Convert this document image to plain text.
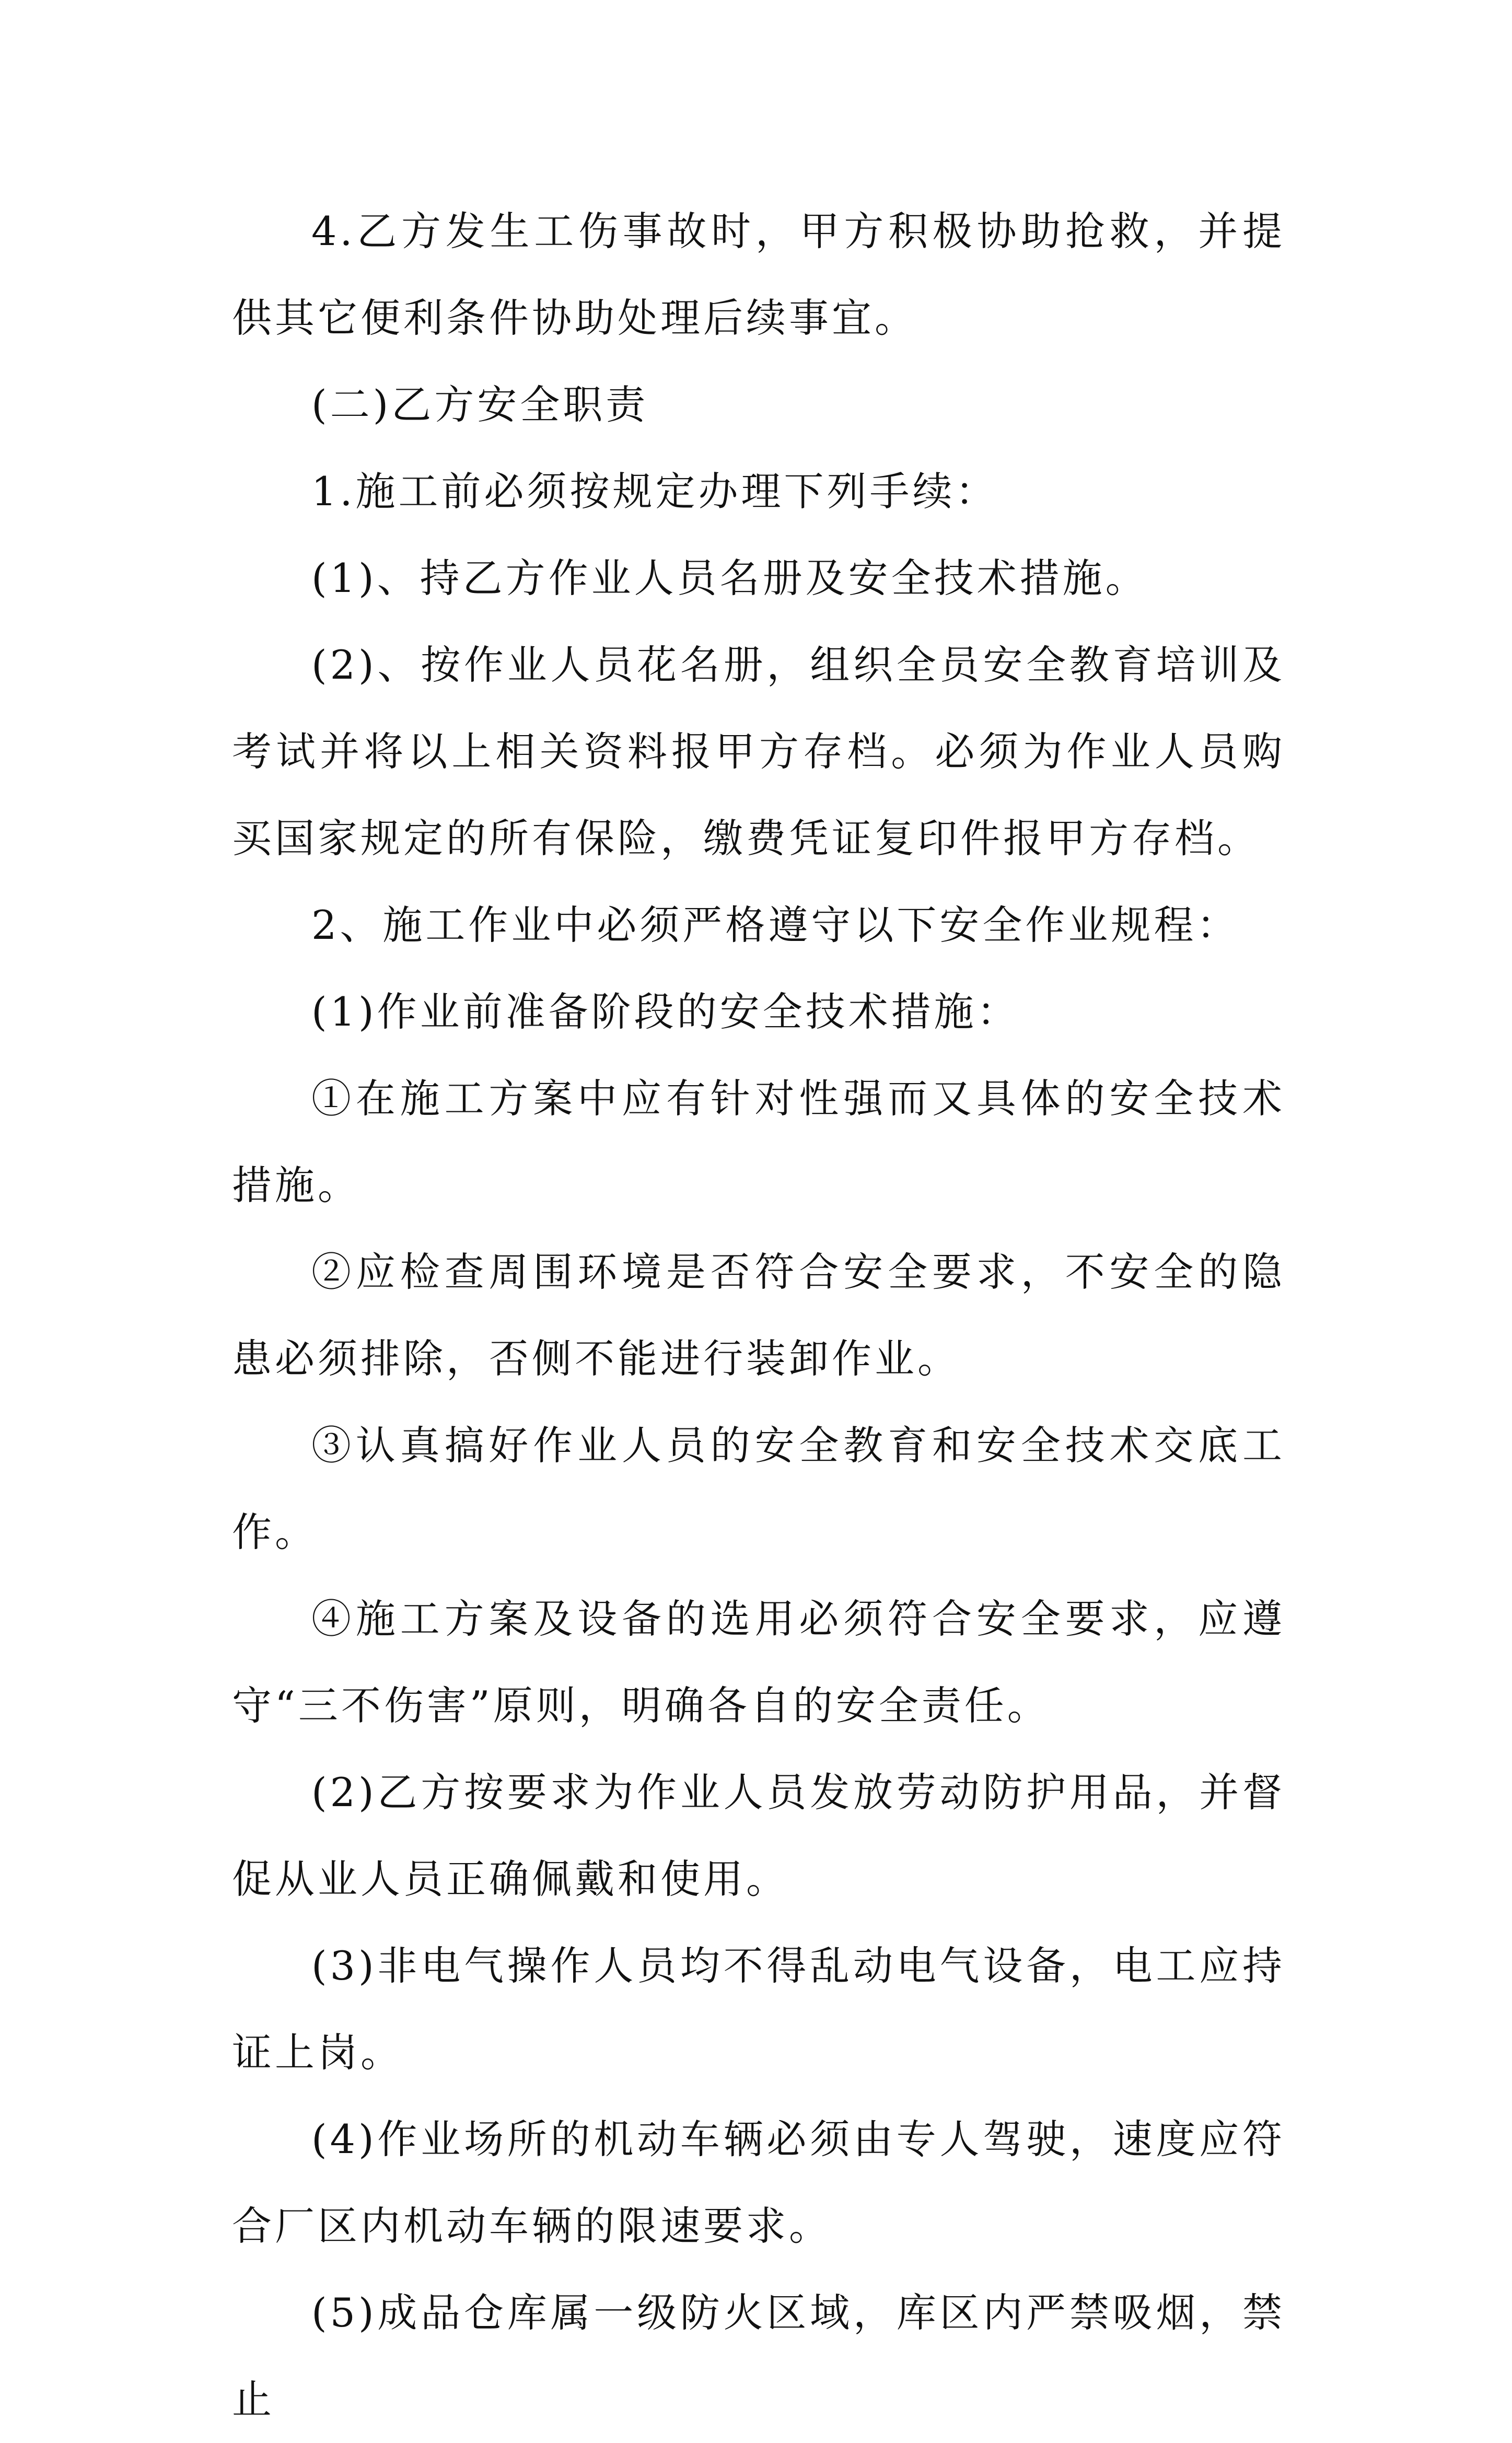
4.乙方发生工伤事故时，甲方积极协助抢救，并提供其它便利条件协助处理后续事宜。

(二)乙方安全职责

1.施工前必须按规定办理下列手续：

(1)、持乙方作业人员名册及安全技术措施。

(2)、按作业人员花名册，组织全员安全教育培训及考试并将以上相关资料报甲方存档。必须为作业人员购买国家规定的所有保险，缴费凭证复印件报甲方存档。

2、施工作业中必须严格遵守以下安全作业规程：

(1)作业前准备阶段的安全技术措施：

①在施工方案中应有针对性强而又具体的安全技术措施。

②应检查周围环境是否符合安全要求，不安全的隐患必须排除，否侧不能进行装卸作业。

③认真搞好作业人员的安全教育和安全技术交底工作。

④施工方案及设备的选用必须符合安全要求，应遵守“三不伤害”原则，明确各自的安全责任。

(2)乙方按要求为作业人员发放劳动防护用品，并督促从业人员正确佩戴和使用。

(3)非电气操作人员均不得乱动电气设备，电工应持证上岗。

(4)作业场所的机动车辆必须由专人驾驶，速度应符合厂区内机动车辆的限速要求。

(5)成品仓库属一级防火区域，库区内严禁吸烟，禁止
